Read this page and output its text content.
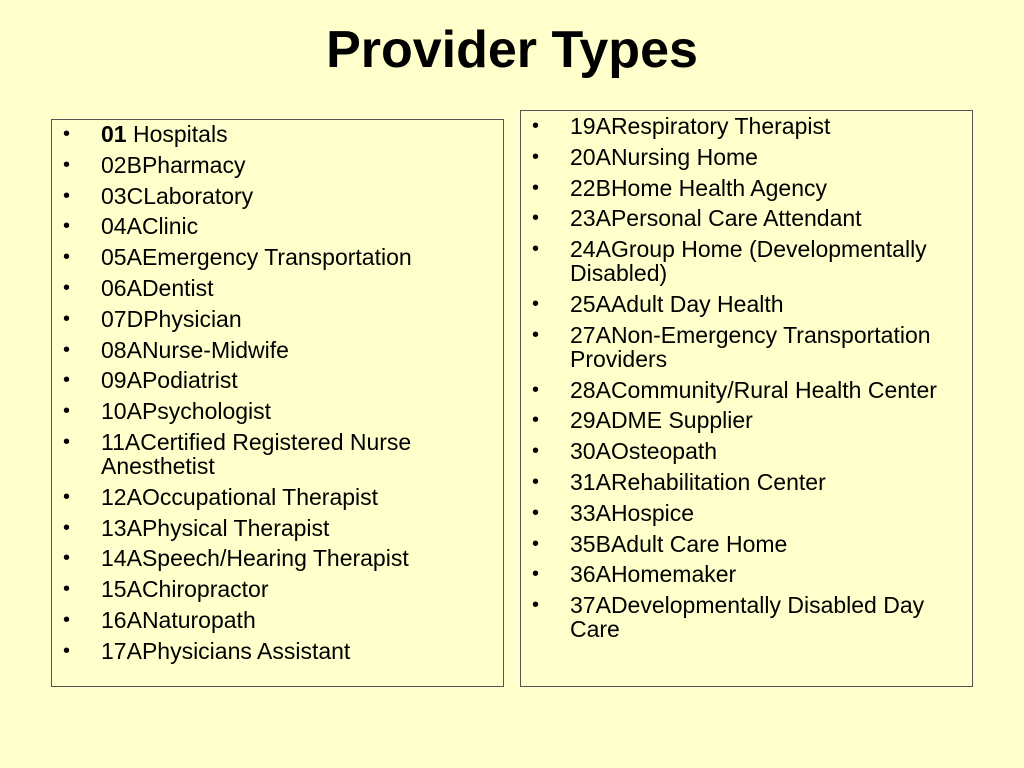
Provider Types
• 01 Hospitals
• 02BPharmacy
• 03CLaboratory
• 04AClinic
• 05AEmergency Transportation
• 06ADentist
• 07DPhysician
• 08ANurse-Midwife
• 09APodiatrist
• 10APsychologist
• 11ACertified Registered Nurse Anesthetist
• 12AOccupational Therapist
• 13APhysical Therapist
• 14ASpeech/Hearing Therapist
• 15AChiropractor
• 16ANaturopath
• 17APhysicians Assistant
• 19ARespiratory Therapist
• 20ANursing Home
• 22BHome Health Agency
• 23APersonal Care Attendant
• 24AGroup Home (Developmentally Disabled)
• 25AAdult Day Health
• 27ANon-Emergency Transportation Providers
• 28ACommunity/Rural Health Center
• 29ADME Supplier
• 30AOsteopath
• 31ARehabilitation Center
• 33AHospice
• 35BAdult Care Home
• 36AHomemaker
• 37ADevelopmentally Disabled Day Care
